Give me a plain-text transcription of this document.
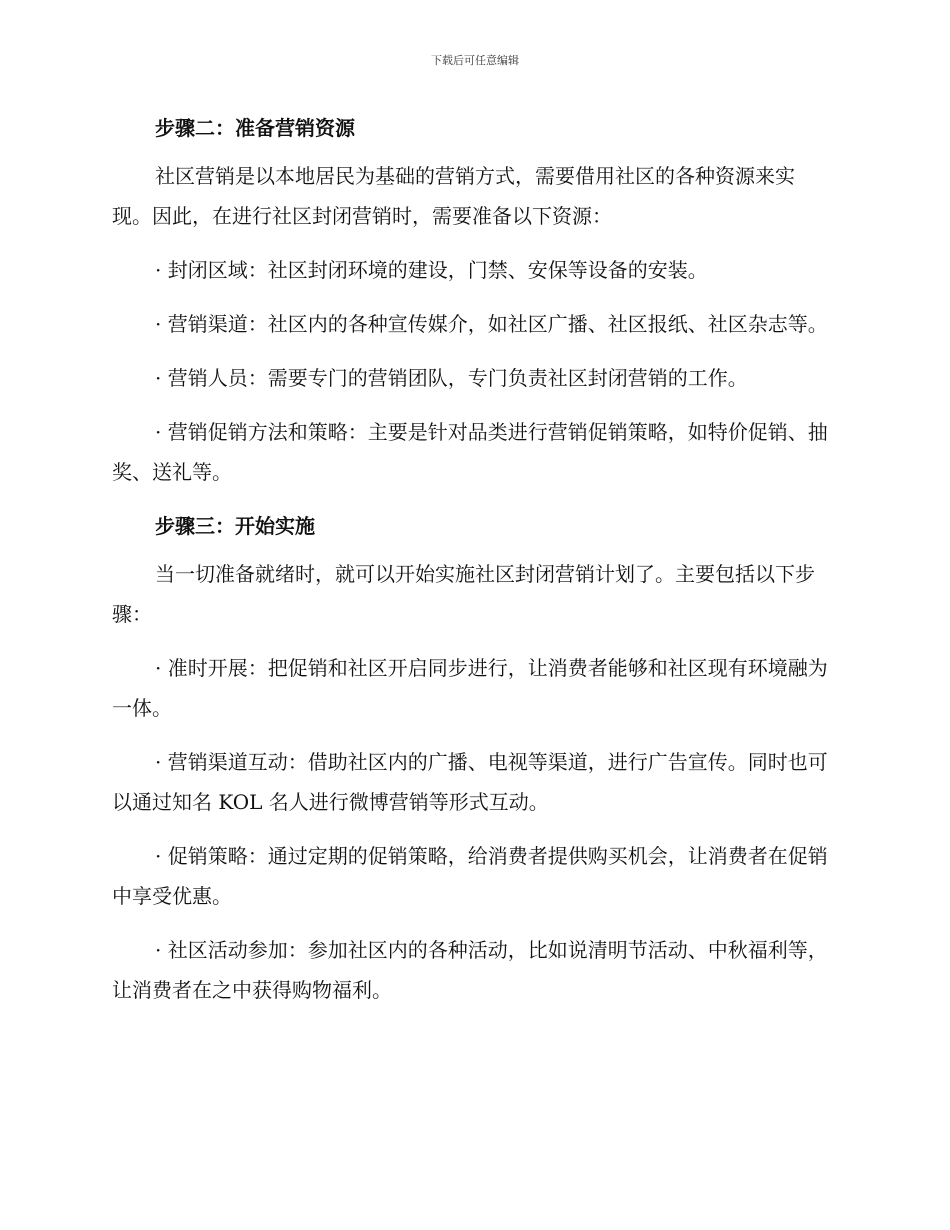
下载后可任意编辑
步骤二：准备营销资源

社区营销是以本地居民为基础的营销方式，需要借用社区的各种资源来实现。因此，在进行社区封闭营销时，需要准备以下资源：

· 封闭区域：社区封闭环境的建设，门禁、安保等设备的安装。

· 营销渠道：社区内的各种宣传媒介，如社区广播、社区报纸、社区杂志等。

· 营销人员：需要专门的营销团队，专门负责社区封闭营销的工作。

· 营销促销方法和策略：主要是针对品类进行营销促销策略，如特价促销、抽奖、送礼等。

步骤三：开始实施

当一切准备就绪时，就可以开始实施社区封闭营销计划了。主要包括以下步骤：

· 准时开展：把促销和社区开启同步进行，让消费者能够和社区现有环境融为一体。

· 营销渠道互动：借助社区内的广播、电视等渠道，进行广告宣传。同时也可以通过知名 KOL 名人进行微博营销等形式互动。

· 促销策略：通过定期的促销策略，给消费者提供购买机会，让消费者在促销中享受优惠。

· 社区活动参加：参加社区内的各种活动，比如说清明节活动、中秋福利等，让消费者在之中获得购物福利。
